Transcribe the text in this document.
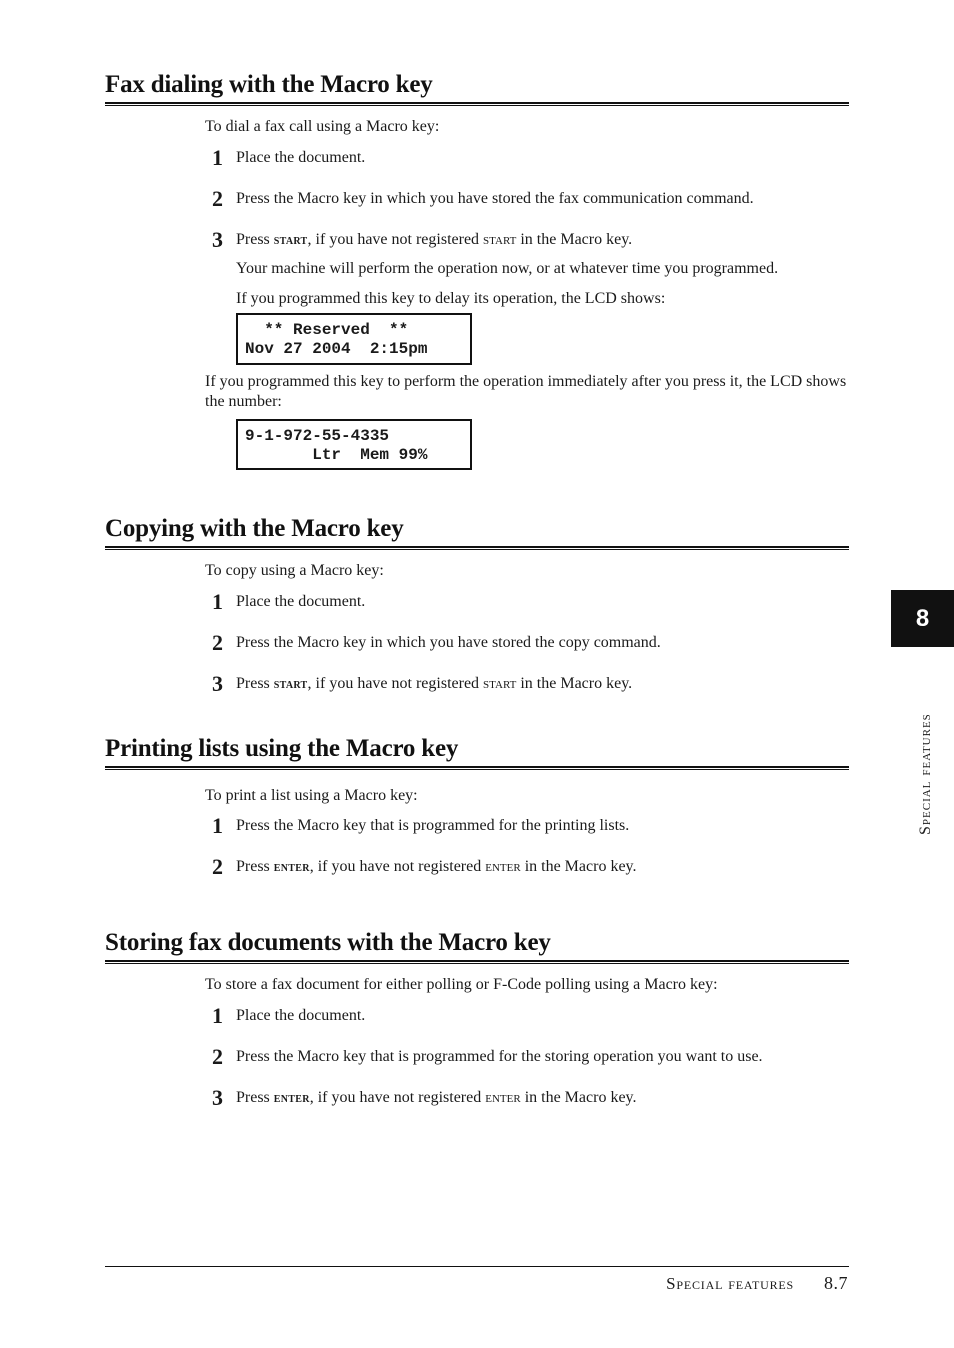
Fax dialing with the Macro key
To dial a fax call using a Macro key:
1 Place the document.
2 Press the Macro key in which you have stored the fax communication command.
3 Press start, if you have not registered start in the Macro key.
Your machine will perform the operation now, or at whatever time you programmed.
If you programmed this key to delay its operation, the LCD shows:
** Reserved  **
Nov 27 2004  2:15pm
If you programmed this key to perform the operation immediately after you press it, the LCD shows the number:
9-1-972-55-4335
Ltr  Mem 99%
Copying with the Macro key
To copy using a Macro key:
1 Place the document.
2 Press the Macro key in which you have stored the copy command.
3 Press start, if you have not registered start in the Macro key.
Printing lists using the Macro key
To print a list using a Macro key:
1 Press the Macro key that is programmed for the printing lists.
2 Press enter, if you have not registered enter in the Macro key.
Storing fax documents with the Macro key
To store a fax document for either polling or F-Code polling using a Macro key:
1 Place the document.
2 Press the Macro key that is programmed for the storing operation you want to use.
3 Press enter, if you have not registered enter in the Macro key.
8
Special features
Special features 8.7
